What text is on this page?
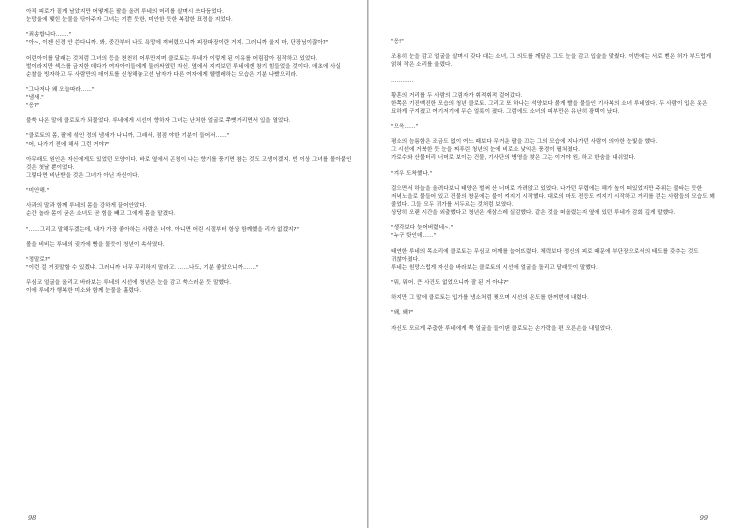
아직 피로가 짙게 남았지만 어떻게든 팔을 올려 루네의 머리를 살며시 쓰다듬었다.
눈망울에 맺힌 눈물을 닦아주자 그녀는 기쁜 듯한, 미안한 듯한 복잡한 표정을 지었다.

"죄송합니다……."
"아~, 이젠 신경 안 쓴다니까. 봐, 중간부터 나도 욕망에 져버렸으니까 피장파장이란 거지. 그러니까 울지 마, 단장님이잖아?"

어린아이를 달래는 것처럼 그녀의 등을 천천히 어루만지며 클로토는 루네가 이렇게 된 이유를 어림잡아 짐작하고 있었다.
벌이라지만 섹스를 금지한 데다가 여자아이들에게 둘러싸였던 자신. 옆에서 지켜보던 루네에겐 참기 힘들었을 것이다. 애초에 사실 순찰을 빙자하고 두 사람만의 데이트를 신청해놓고선 남자가 다른 여자에게 헬렐레하는 모습은 기분 나빴으리라.

"그나저나 왜 오늘따라……"
"냄새."
"응?"

불쑥 나온 말에 클로토가 되물었다. 루네에게 시선이 향하자 그녀는 난처한 얼굴로 쭈뼛거리면서 입을 열었다.

"클로토의 몸, 팔에 섞인 정의 냄새가 나니까, 그래서, 점점 야한 기분이 들어서……"
"어, 나가기 전에 해서 그런 거야?"

아무래도 원인은 자신에게도 있었던 모양이다. 바로 옆에서 곤칭이 나는 향기를 풍기면 참는 것도 고생이겠지. 빈 이상 그녀를 몰아붙인 것은 첫날 뿐이었다.
그렇다면 비난받을 것은 그녀가 아닌 자신이다.

"미안해."

사과의 말과 함께 루네의 몸을 강하게 끌어안았다.
순간 놀라 몸이 굳은 소녀도 곧 힘을 빼고 그에게 몸을 맡겼다.

"……그리고 말해두겠는데, 내가 가장 좋아하는 사람은 너야. 아니면 어린 시절부터 항상 함께했을 리가 없겠지?"

볼을 비비는 루네의 귓가에 빵을 물듯이 청년이 속삭였다.

"정말로?"
"이런 걸 거짓말할 수 있겠냐. 그러니까 너무 무리하지 말라고. ……나도, 기분 좋았으니까……."

무심코 얼굴을 올리고 바라보는 루네의 시선에 청년은 눈을 감고 쑥스러운 듯 말했다.
이에 루네가 행복한 미소와 함께 눈물을 흘렸다.

98

"응!"

조용히 눈을 감고 얼굴을 살며시 갖다 대는 소녀, 그 의도를 깨달은 그도 눈을 감고 입술을 맞췄다. 이번에는 서로 뻔은 허가 부드럽게 얽혀 작은 소리를 울렸다.

…………

황혼의 거리를 두 사람의 그림자가 휘적휘적 걸어갔다.
한쪽은 기진맥진한 모습의 청년 클로토. 그리고 또 하나는 석양보다 붉게 빨을 물들인 기사복의 소녀 루네였다. 두 사람이 입은 옷은 묘하게 구겨졌고 여기저기에 무슨 얼룩이 졌다. 그럼에도 소녀의 피부만은 유난히 광택이 났다.

"으윽……"

평소의 늠름함은 조금도 없이 여느 때보다 무거운 팔을 끄는 그의 모습에 지나가던 사람이 의아한 눈빛을 했다.
그 시선에 거북한 듯 눈을 찌푸린 청년의 눈에 비로소 낯익은 풍경이 펼쳐졌다.
가로수와 산물터리 너머로 보이는 건물, 기사단의 병영을 찾은 그는 이거야 원, 하고 한숨을 내쉬었다.

"겨우 도착했나."

걸으면서 하늘을 올려다보니 태양은 벌써 산 너머로 가려앉고 있었다. 나가던 무렵에는 해가 높이 떠있었지만 주위는 불타는 듯한 저녁노을로 물들어 있고 건물의 창문에는 불이 켜지기 시작했다. 대로의 마도 전등도 켜지기 시작하고 거리를 걷는 사람들의 모습도 꽤 줄었다. 그들 모두 귀가를 서두르는 것처럼 보였다.
상당히 오랜 시간을 외출했다고 청년은 새삼스레 실감했다. 같은 것을 떠올렸는지 옆에 있던 루네가 감회 깊게 말했다.

"생각보다 늦어버렸네~."
"누구 탓인데……"

태연한 루네의 목소리에 클로토는 무심코 어깨를 늘어뜨렸다. 체력보다 정신의 피로 때문에 부단장으로서의 태도를 갖추는 것도 귀찮아졌다.
루네는 원망스럽게 자신을 바라보는 클로토의 시선에 얼굴을 돌리고 달래듯이 말했다.

"뭐, 뭐어. 큰 사건도 없었으니까 잘 된 거 아냐?"

하지만 그 말에 클로토는 입가를 냉소처럼 찢으며 시선의 온도를 한꺼번에 내렸다.

"왜, 왜?"

자신도 모르게 주춤한 루네에게 쭉 얼굴을 들이댄 클로토는 손가락을 편 오른손을 내밀었다.

99
